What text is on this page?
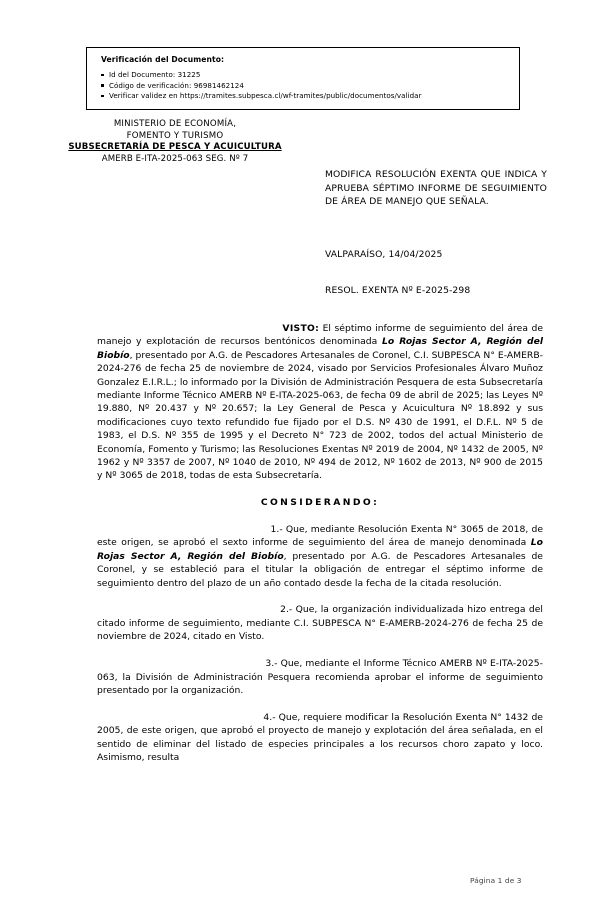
Verificación del Documento:
Id del Documento: 31225
Código de verificación: 96981462124
Verificar validez en https://tramites.subpesca.cl/wf-tramites/public/documentos/validar
MINISTERIO DE ECONOMÍA,
FOMENTO Y TURISMO
SUBSECRETARÍA DE PESCA Y ACUICULTURA
AMERB E-ITA-2025-063 SEG. Nº 7
MODIFICA RESOLUCIÓN EXENTA QUE INDICA Y APRUEBA SÉPTIMO INFORME DE SEGUIMIENTO DE ÁREA DE MANEJO QUE SEÑALA.
VALPARAÍSO, 14/04/2025
RESOL. EXENTA Nº E-2025-298

VISTO: El séptimo informe de seguimiento del área de manejo y explotación de recursos bentónicos denominada Lo Rojas Sector A, Región del Biobío, presentado por A.G. de Pescadores Artesanales de Coronel, C.I. SUBPESCA N° E-AMERB-2024-276 de fecha 25 de noviembre de 2024, visado por Servicios Profesionales Álvaro Muñoz Gonzalez E.I.R.L.; lo informado por la División de Administración Pesquera de esta Subsecretaría mediante Informe Técnico AMERB Nº E-ITA-2025-063, de fecha 09 de abril de 2025; las Leyes Nº 19.880, Nº 20.437 y Nº 20.657; la Ley General de Pesca y Acuicultura Nº 18.892 y sus modificaciones cuyo texto refundido fue fijado por el D.S. Nº 430 de 1991, el D.F.L. Nº 5 de 1983, el D.S. Nº 355 de 1995 y el Decreto N° 723 de 2002, todos del actual Ministerio de Economía, Fomento y Turismo; las Resoluciones Exentas Nº 2019 de 2004, Nº 1432 de 2005, Nº 1962 y Nº 3357 de 2007, Nº 1040 de 2010, Nº 494 de 2012, Nº 1602 de 2013, Nº 900 de 2015 y Nº 3065 de 2018, todas de esta Subsecretaría.

CONSIDERANDO:

1.- Que, mediante Resolución Exenta N° 3065 de 2018, de este origen, se aprobó el sexto informe de seguimiento del área de manejo denominada Lo Rojas Sector A, Región del Biobío, presentado por A.G. de Pescadores Artesanales de Coronel, y se estableció para el titular la obligación de entregar el séptimo informe de seguimiento dentro del plazo de un año contado desde la fecha de la citada resolución.

2.- Que, la organización individualizada hizo entrega del citado informe de seguimiento, mediante C.I. SUBPESCA N° E-AMERB-2024-276 de fecha 25 de noviembre de 2024, citado en Visto.

3.- Que, mediante el Informe Técnico AMERB Nº E-ITA-2025-063, la División de Administración Pesquera recomienda aprobar el informe de seguimiento presentado por la organización.

4.- Que, requiere modificar la Resolución Exenta N° 1432 de 2005, de este origen, que aprobó el proyecto de manejo y explotación del área señalada, en el sentido de eliminar del listado de especies principales a los recursos choro zapato y loco. Asimismo, resulta

Página 1 de 3
